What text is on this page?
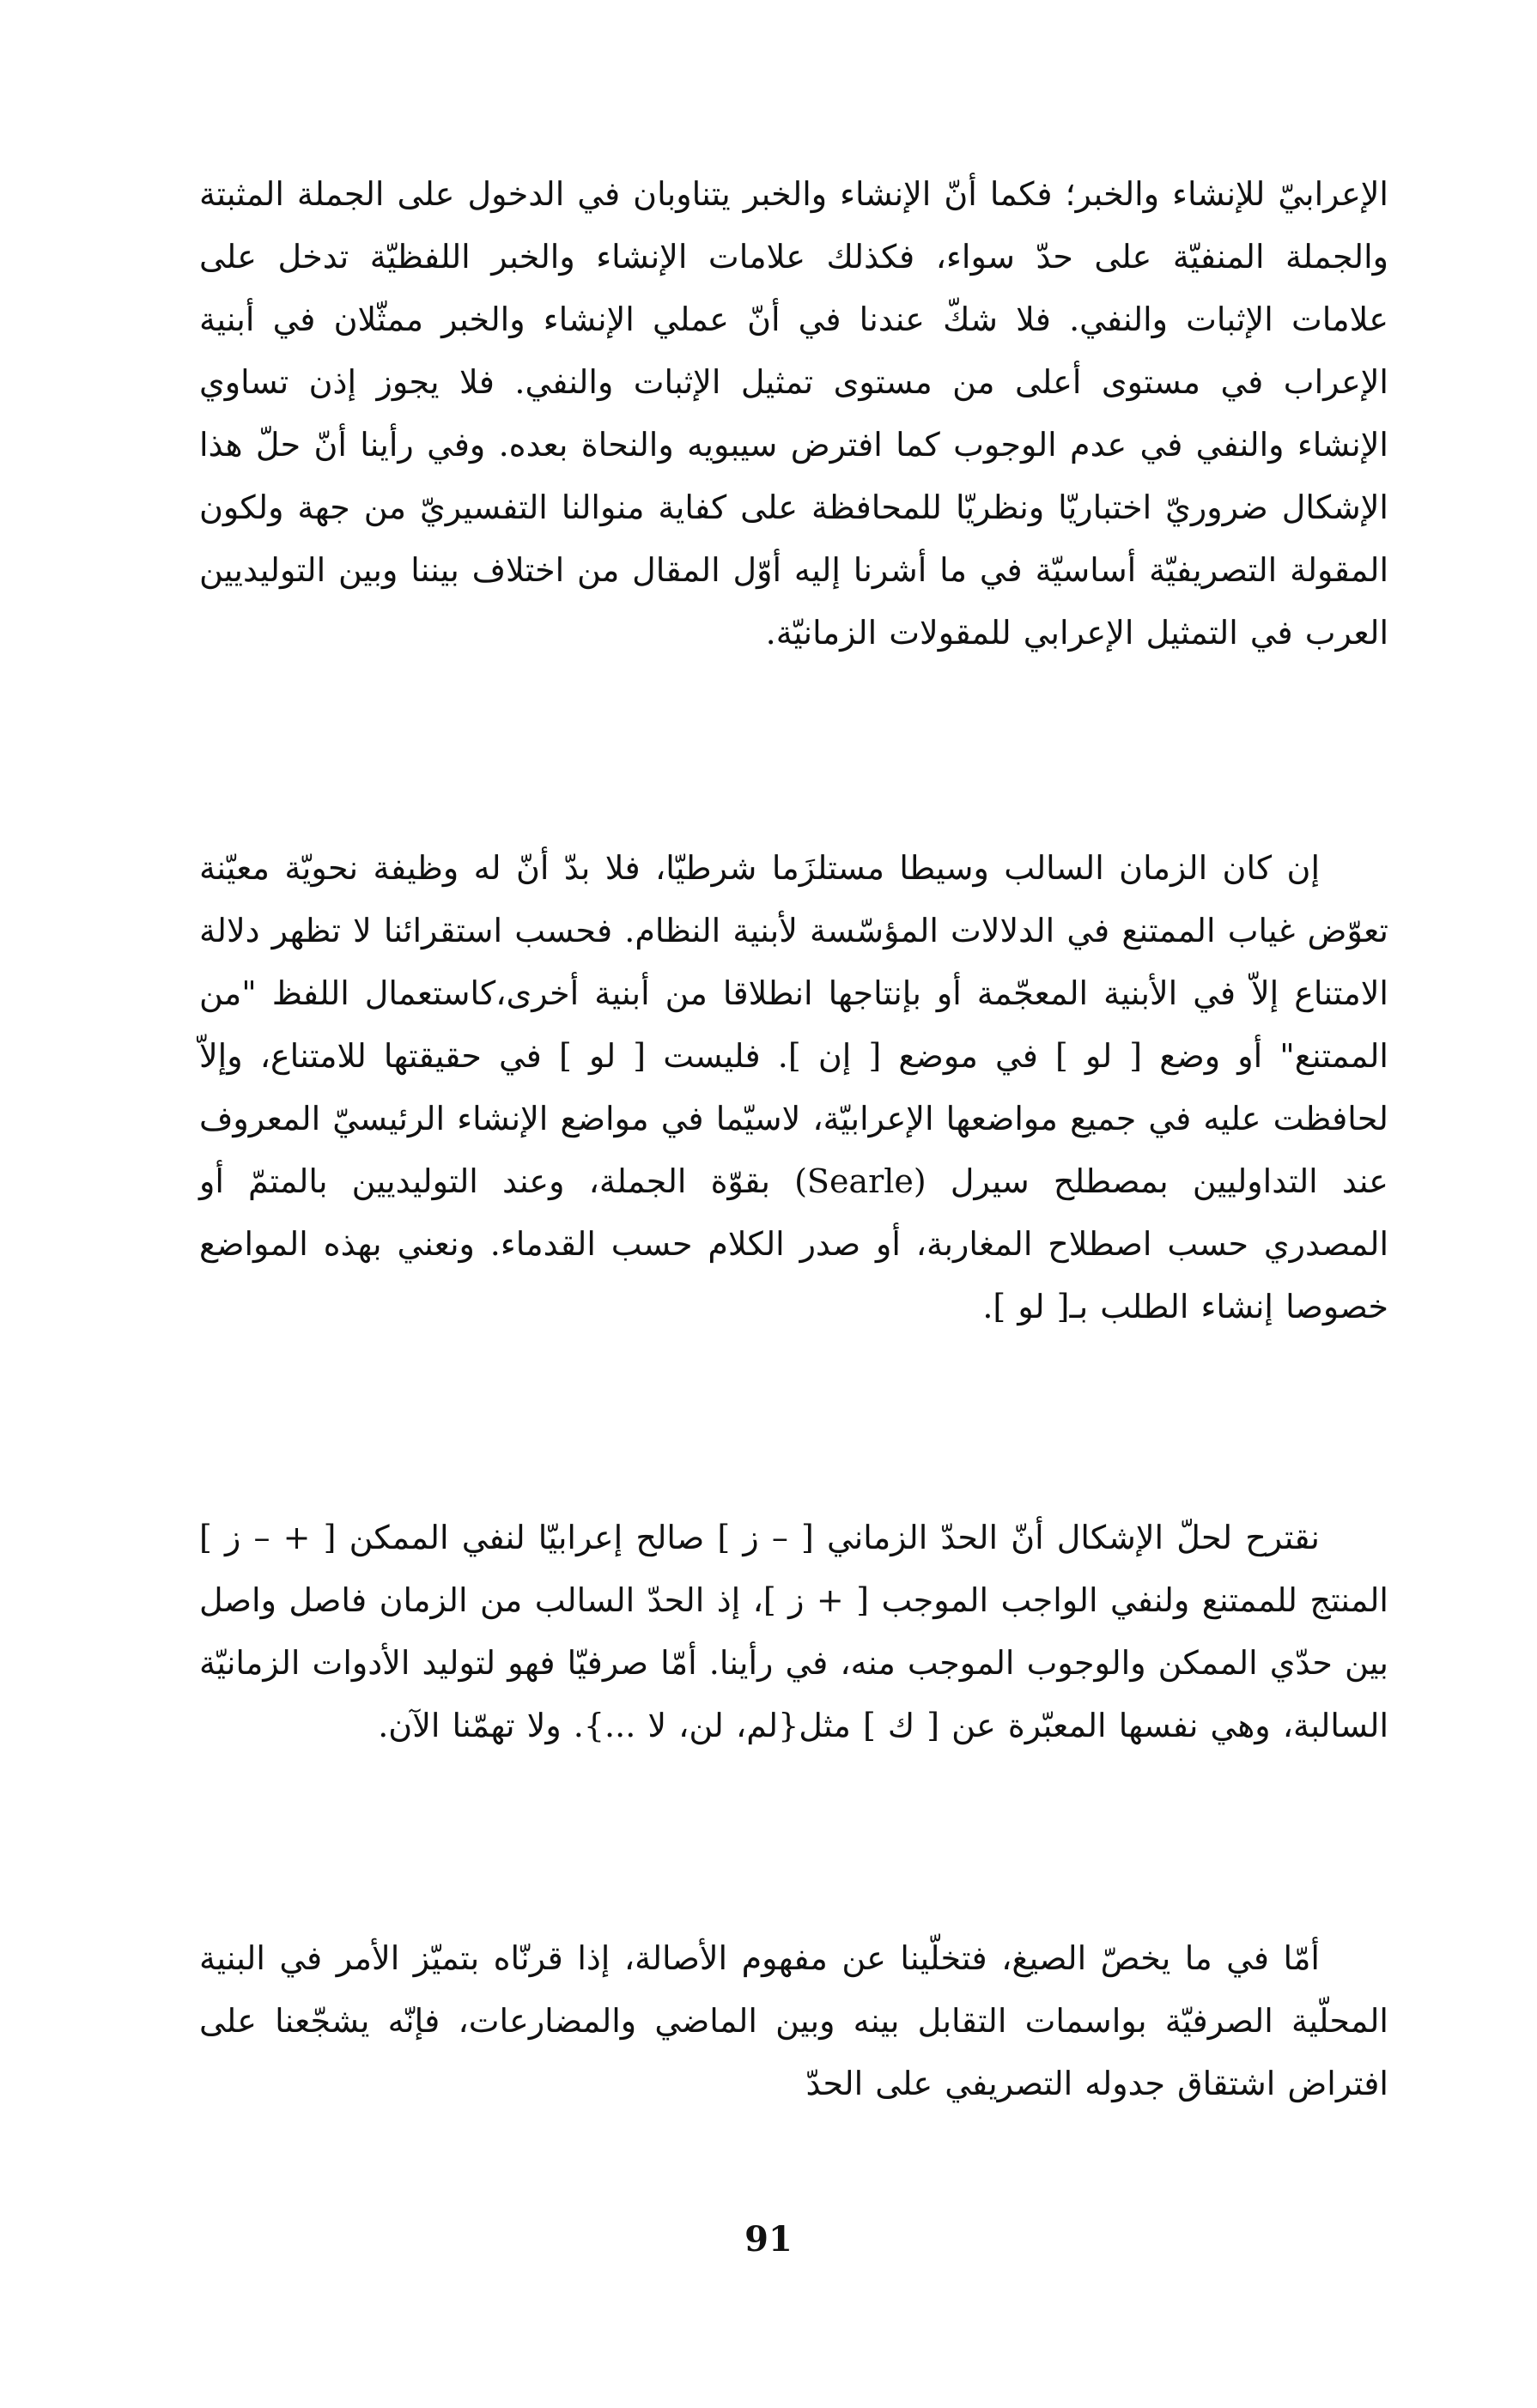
الإعرابيّ للإنشاء والخبر؛ فكما أنّ الإنشاء والخبر يتناوبان في الدخول على الجملة المثبتة والجملة المنفيّة على حدّ سواء، فكذلك علامات الإنشاء والخبر اللفظيّة تدخل على علامات الإثبات والنفي. فلا شكّ عندنا في أنّ عملي الإنشاء والخبر ممثّلان في أبنية الإعراب في مستوى أعلى من مستوى تمثيل الإثبات والنفي. فلا يجوز إذن تساوي الإنشاء والنفي في عدم الوجوب كما افترض سيبويه والنحاة بعده. وفي رأينا أنّ حلّ هذا الإشكال ضروريّ اختباريّا ونظريّا للمحافظة على كفاية منوالنا التفسيريّ من جهة ولكون المقولة التصريفيّة أساسيّة في ما أشرنا إليه أوّل المقال من اختلاف بيننا وبين التوليديين العرب في التمثيل الإعرابي للمقولات الزمانيّة.

إن كان الزمان السالب وسيطا مستلزَما شرطيّا، فلا بدّ أنّ له وظيفة نحويّة معيّنة تعوّض غياب الممتنع في الدلالات المؤسّسة لأبنية النظام. فحسب استقرائنا لا تظهر دلالة الامتناع إلاّ في الأبنية المعجّمة أو بإنتاجها انطلاقا من أبنية أخرى،كاستعمال اللفظ "من الممتنع" أو وضع [ لو ] في موضع [ إن ]. فليست [ لو ] في حقيقتها للامتناع، وإلاّ لحافظت عليه في جميع مواضعها الإعرابيّة، لاسيّما في مواضع الإنشاء الرئيسيّ المعروف عند التداوليين بمصطلح سيرل (Searle) بقوّة الجملة، وعند التوليديين بالمتمّ أو المصدري حسب اصطلاح المغاربة، أو صدر الكلام حسب القدماء. ونعني بهذه المواضع خصوصا إنشاء الطلب بـ[ لو ].

نقترح لحلّ الإشكال أنّ الحدّ الزماني [ – ز ] صالح إعرابيّا لنفي الممكن [ + – ز ] المنتج للممتنع ولنفي الواجب الموجب [ + ز ]، إذ الحدّ السالب من الزمان فاصل واصل بين حدّي الممكن والوجوب الموجب منه، في رأينا. أمّا صرفيّا فهو لتوليد الأدوات الزمانيّة السالبة، وهي نفسها المعبّرة عن [ ك ] مثل{لم، لن، لا ...}. ولا تهمّنا الآن.

أمّا في ما يخصّ الصيغ، فتخلّينا عن مفهوم الأصالة، إذا قرنّاه بتميّز الأمر في البنية المحلّية الصرفيّة بواسمات التقابل بينه وبين الماضي والمضارعات، فإنّه يشجّعنا على افتراض اشتقاق جدوله التصريفي على الحدّ

91
